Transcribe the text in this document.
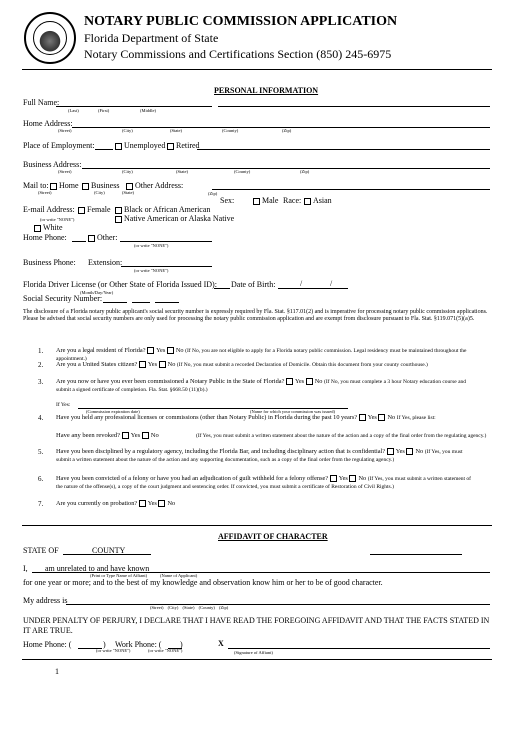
NOTARY PUBLIC COMMISSION APPLICATION
Florida Department of State
Notary Commissions and Certifications Section (850) 245-6975
PERSONAL INFORMATION
Full Name:
(Last)	(First)	(Middle)
Home Address:
(Street)	(City)	(State)	(County)	(Zip)
Place of Employment:	Unemployed	Retired
Business Address:
(Street)	(City)	(State)	(County)	(Zip)
Mail to:	Home	Business	Other Address:
(Street)	(City)	(State)	(Zip)
Sex:	Male Race:	Asian
E-mail Address:	Female	Black or African American
(or write "NONE")	Native American or Alaska Native
White
Home Phone:	Other:
(or write "NONE")
Business Phone: Extension:
(or write "NONE")
Florida Driver License (or Other State of Florida Issued ID): Date of Birth:	/	/
(Month/Day/Year)
Social Security Number:
The disclosure of a Florida notary public applicant's social security number is expressly required by Fla. Stat. §117.01(2) and is imperative for processing notary public commission applications. Please be advised that social security numbers are only used for processing the notary public commission application and are exempt from disclosure pursuant to Fla. Stat. §119.071(5)(a)5.
1. Are you a legal resident of Florida? Yes No (If No, you are not eligible to apply for a Florida notary public commission. Legal residency must be maintained throughout the appointment.)
2. Are you a United States citizen? Yes No (If No, you must submit a recorded Declaration of Domicile. Obtain this document from your county courthouse.)
3. Are you now or have you ever been commissioned a Notary Public in the State of Florida? Yes No (If No, you must complete a 3 hour Notary education course and submit a signed certificate of completion. Fla. Stat. §668.50 (11)(b).)
4. Have you held any professional licenses or commissions (other than Notary Public) in Florida during the past 10 years? Yes No If Yes, please list:
5. Have you been disciplined by a regulatory agency, including the Florida Bar, and including disciplinary action that is confidential? Yes No (If Yes, you must submit a written statement about the nature of the action and any supporting documentation, such as a copy of the final order from the regulating agency.)
6. Have you been convicted of a felony or have you had an adjudication of guilt withheld for a felony offense? Yes No (If Yes, you must submit a written statement of the nature of the offense(s), a copy of the court judgment and sentencing order. If convicted, you must submit a certificate of Restoration of Civil Rights.)
7. Are you currently on probation? Yes No
If Yes:
(Commission expiration date)	(Name for which your commission was issued)
Have any been revoked? Yes No	(If Yes, you must submit a written statement about the nature of the action and a copy of the final order from the regulating agency.)
AFFIDAVIT OF CHARACTER
STATE OF	COUNTY
I, am unrelated to and have known
(Print or Type Name of Affiant)	(Name of Applicant)
for one year or more; and to the best of my knowledge and observation know him or her to be of good character.
My address is
(Street) (City) (State) (County) (Zip)
UNDER PENALTY OF PERJURY, I DECLARE THAT I HAVE READ THE FOREGOING AFFIDAVIT AND THAT THE FACTS STATED IN IT ARE TRUE.
Home Phone: (	) Work Phone: ( )
(or write "NONE")	(or write "NONE")
X
(Signature of Affiant)
1
